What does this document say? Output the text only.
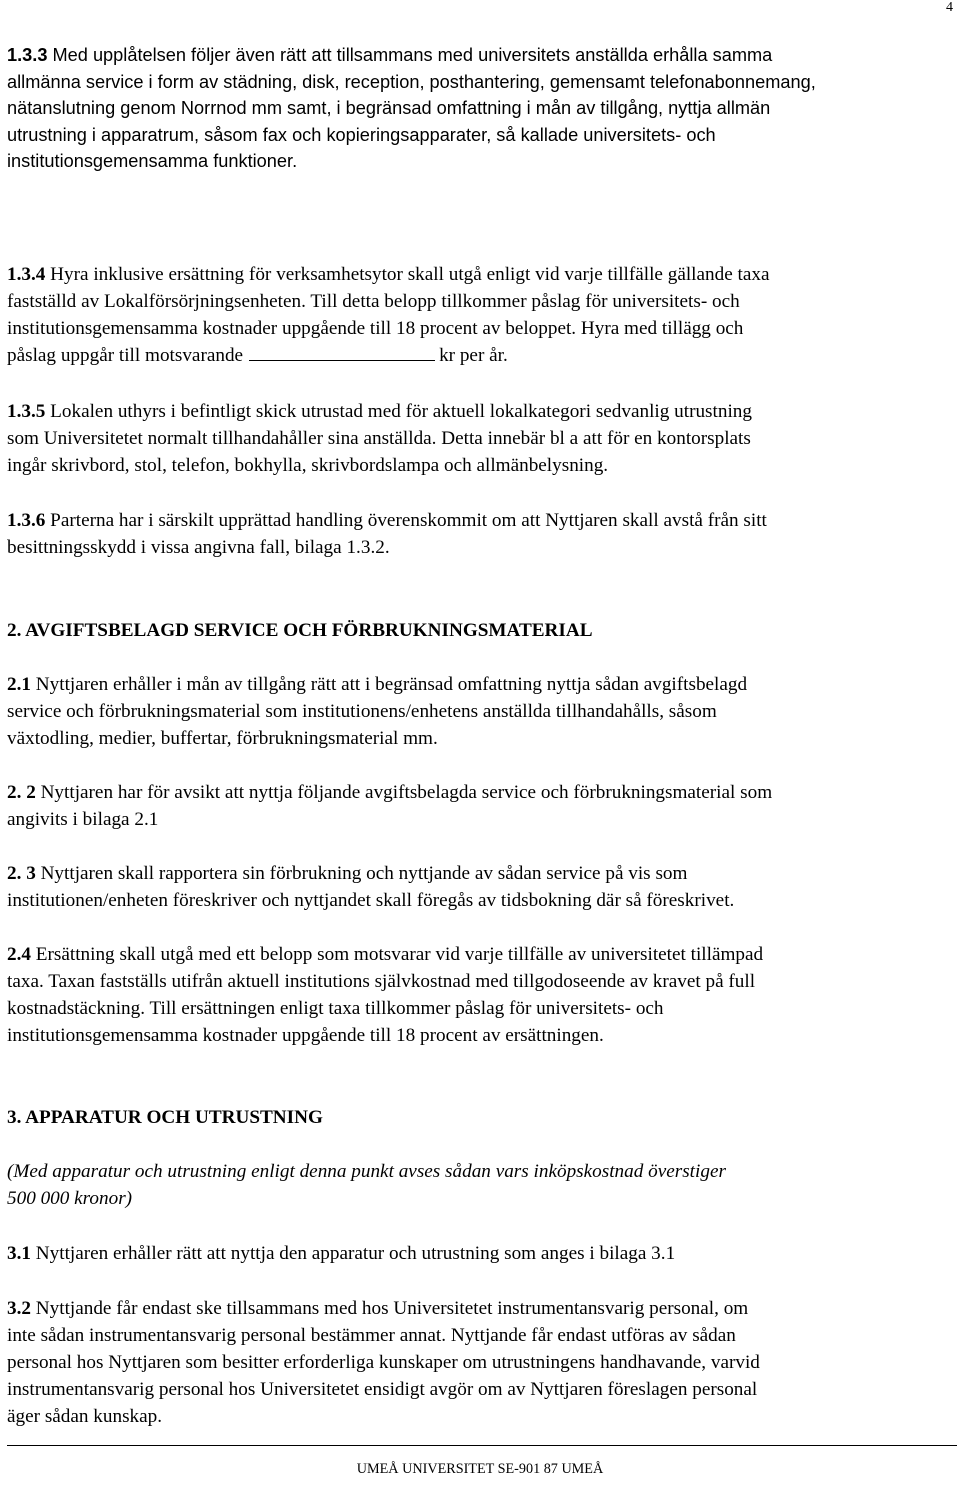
4
1.3.3 Med upplåtelsen följer även rätt att tillsammans med universitets anställda erhålla samma
allmänna service i form av städning, disk, reception, posthantering, gemensamt telefonabonnemang,
nätanslutning genom Norrnod mm samt, i begränsad omfattning i mån av tillgång, nyttja allmän
utrustning i apparatrum, såsom fax och kopieringsapparater, så kallade universitets- och
institutionsgemensamma funktioner.
1.3.4 Hyra inklusive ersättning för verksamhetsytor skall utgå enligt vid varje tillfälle gällande taxa
fastställd av Lokalförsörjningsenheten. Till detta belopp tillkommer påslag för universitets- och
institutionsgemensamma kostnader uppgående till 18 procent av beloppet. Hyra med tillägg och
påslag uppgår till motsvarande	kr per år.
1.3.5 Lokalen uthyrs i befintligt skick utrustad med för aktuell lokalkategori sedvanlig utrustning
som Universitetet normalt tillhandahåller sina anställda. Detta innebär bl a att för en kontorsplats
ingår skrivbord, stol, telefon, bokhylla, skrivbordslampa och allmänbelysning.
1.3.6 Parterna har i särskilt upprättad handling överenskommit om att Nyttjaren skall avstå från sitt
besittningsskydd i vissa angivna fall, bilaga 1.3.2.
2. AVGIFTSBELAGD SERVICE OCH FÖRBRUKNINGSMATERIAL
2.1 Nyttjaren erhåller i mån av tillgång rätt att i begränsad omfattning nyttja sådan avgiftsbelagd
service och förbrukningsmaterial som institutionens/enhetens anställda tillhandahålls, såsom
växtodling, medier, buffertar, förbrukningsmaterial mm.
2. 2 Nyttjaren har för avsikt att nyttja följande avgiftsbelagda service och förbrukningsmaterial som
angivits i bilaga 2.1
2. 3 Nyttjaren skall rapportera sin förbrukning och nyttjande av sådan service på vis som
institutionen/enheten föreskriver och nyttjandet skall föregås av tidsbokning där så föreskrivet.
2.4 Ersättning skall utgå med ett belopp som motsvarar vid varje tillfälle av universitetet tillämpad
taxa. Taxan fastställs utifrån aktuell institutions självkostnad med tillgodoseende av kravet på full
kostnadstäckning. Till ersättningen enligt taxa tillkommer påslag för universitets- och
institutionsgemensamma kostnader uppgående till 18 procent av ersättningen.
3. APPARATUR OCH UTRUSTNING
(Med apparatur och utrustning enligt denna punkt avses sådan vars inköpskostnad överstiger
500 000 kronor)
3.1 Nyttjaren erhåller rätt att nyttja den apparatur och utrustning som anges i bilaga 3.1
3.2 Nyttjande får endast ske tillsammans med hos Universitetet instrumentansvarig personal, om
inte sådan instrumentansvarig personal bestämmer annat. Nyttjande får endast utföras av sådan
personal hos Nyttjaren som besitter erforderliga kunskaper om utrustningens handhavande, varvid
instrumentansvarig personal hos Universitetet ensidigt avgör om av Nyttjaren föreslagen personal
äger sådan kunskap.
UMEÅ UNIVERSITET SE-901 87 UMEÅ
